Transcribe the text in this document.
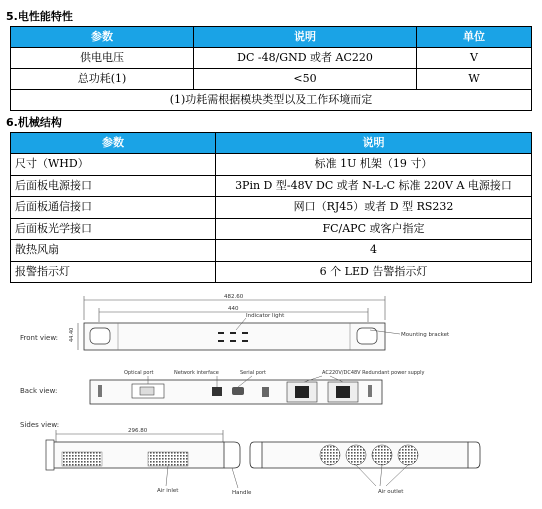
5.电性能特性
参数	说明	单位
供电电压	DC -48/GND 或者 AC220	V
总功耗(1)	<50	W
(1)功耗需根据模块类型以及工作环境而定		
6.机械结构
参数	说明
尺寸（WHD）	标准 1U 机架（19 寸）
后面板电源接口	3Pin D 型-48V DC 或者 N-L-C 标准 220V A 电源接口
后面板通信接口	网口（RJ45）或者 D 型 RS232
后面板光学接口	FC/APC 或客户指定
散热风扇	4
报警指示灯	6 个 LED 告警指示灯
Front view:
Back view:
Sides view:
482.60
440
44.40
Indicator light
Mounting bracket
Optical port	Network interface	Serial port	AC220V/DC48V Redundant power supply
296.80
Air inlet	Handle	Air outlet
